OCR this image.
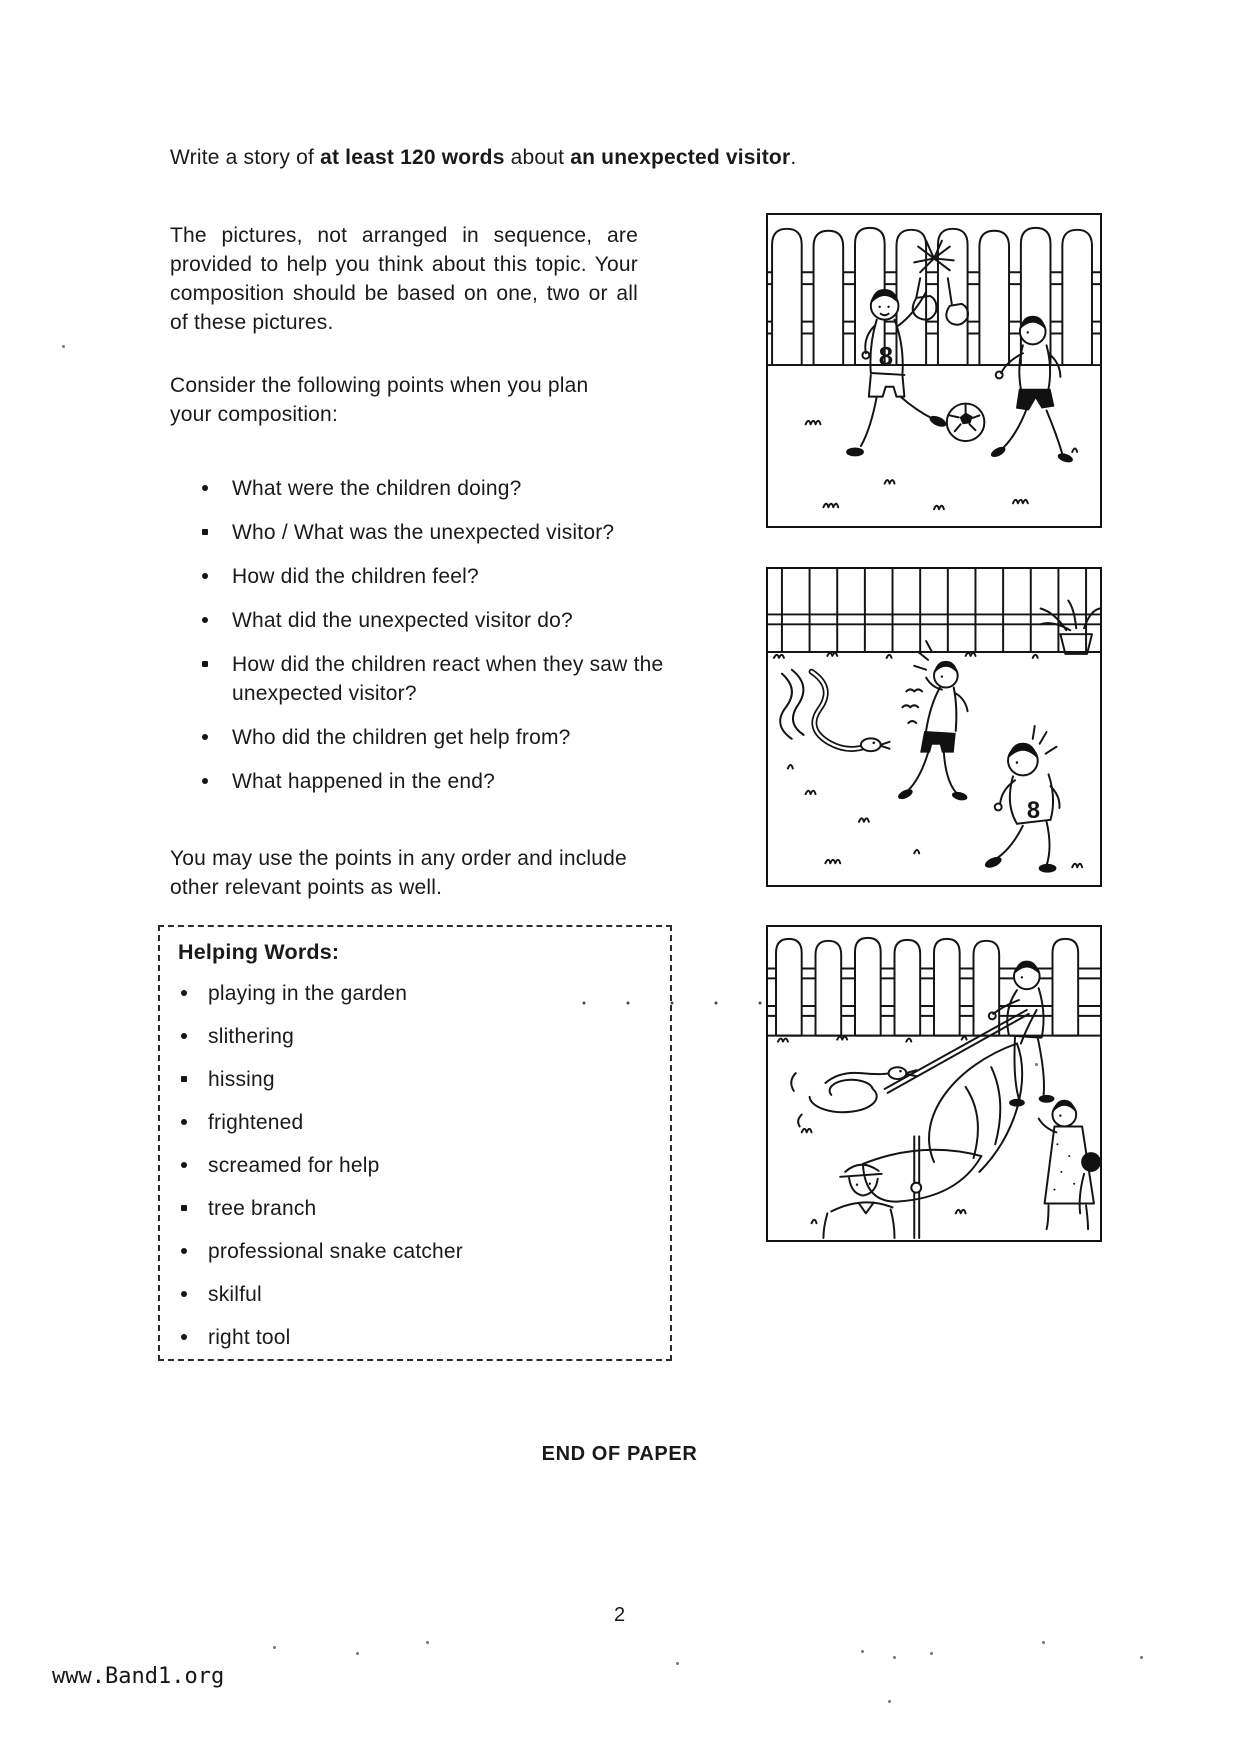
Write a story of at least 120 words about an unexpected visitor.
The pictures, not arranged in sequence, are provided to help you think about this topic. Your composition should be based on one, two or all of these pictures.
Consider the following points when you plan your composition:
What were the children doing?
Who / What was the unexpected visitor?
How did the children feel?
What did the unexpected visitor do?
How did the children react when they saw the unexpected visitor?
Who did the children get help from?
What happened in the end?
You may use the points in any order and include other relevant points as well.
Helping Words:
playing in the garden
slithering
hissing
frightened
screamed for help
tree branch
professional snake catcher
skilful
right tool
8
8
END OF PAPER
2
www.Band1.org
